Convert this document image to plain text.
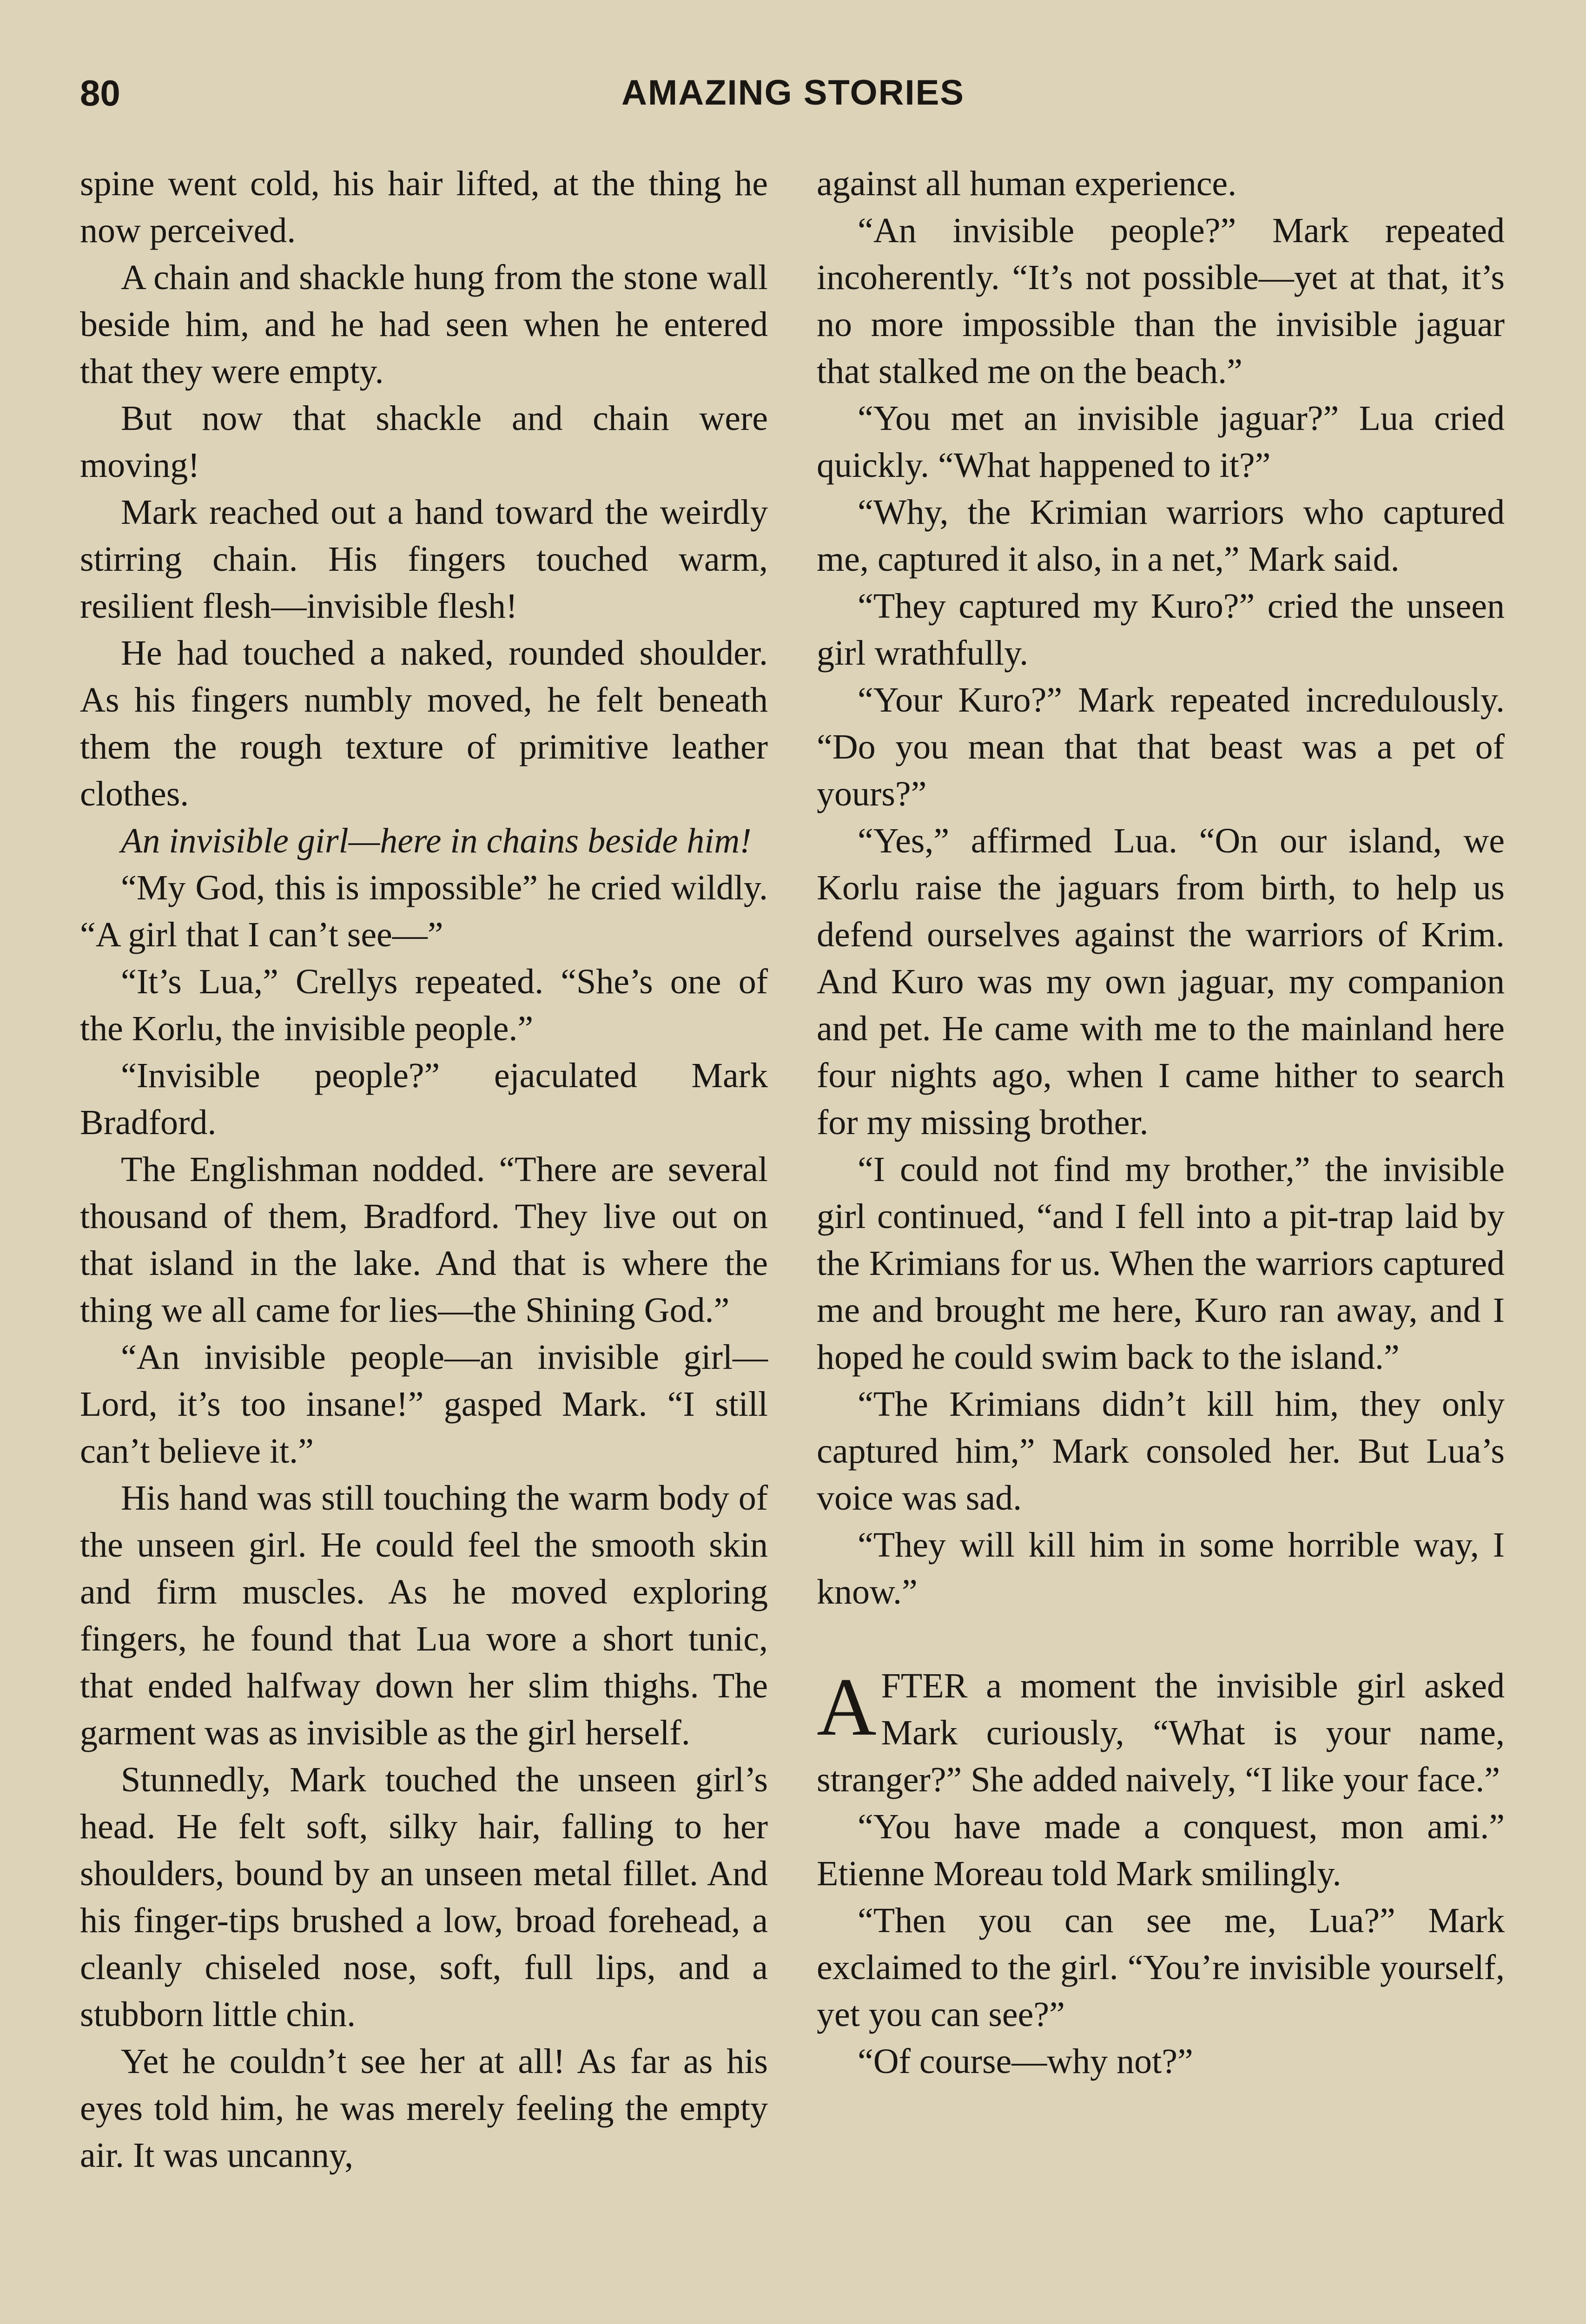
80	AMAZING STORIES

spine went cold, his hair lifted, at the thing he now perceived.

A chain and shackle hung from the stone wall beside him, and he had seen when he entered that they were empty.

But now that shackle and chain were moving!

Mark reached out a hand toward the weirdly stirring chain. His fingers touched warm, resilient flesh—invisible flesh!

He had touched a naked, rounded shoulder. As his fingers numbly moved, he felt beneath them the rough texture of primitive leather clothes.

An invisible girl—here in chains beside him!

“My God, this is impossible” he cried wildly. “A girl that I can’t see—”

“It’s Lua,” Crellys repeated. “She’s one of the Korlu, the invisible people.”

“Invisible people?” ejaculated Mark Bradford.

The Englishman nodded. “There are several thousand of them, Bradford. They live out on that island in the lake. And that is where the thing we all came for lies—the Shining God.”

“An invisible people—an invisible girl—Lord, it’s too insane!” gasped Mark. “I still can’t believe it.”

His hand was still touching the warm body of the unseen girl. He could feel the smooth skin and firm muscles. As he moved exploring fingers, he found that Lua wore a short tunic, that ended halfway down her slim thighs. The garment was as invisible as the girl herself.

Stunnedly, Mark touched the unseen girl’s head. He felt soft, silky hair, falling to her shoulders, bound by an unseen metal fillet. And his finger-tips brushed a low, broad forehead, a cleanly chiseled nose, soft, full lips, and a stubborn little chin.

Yet he couldn’t see her at all! As far as his eyes told him, he was merely feeling the empty air. It was uncanny,

against all human experience.

“An invisible people?” Mark repeated incoherently. “It’s not possible—yet at that, it’s no more impossible than the invisible jaguar that stalked me on the beach.”

“You met an invisible jaguar?” Lua cried quickly. “What happened to it?”

“Why, the Krimian warriors who captured me, captured it also, in a net,” Mark said.

“They captured my Kuro?” cried the unseen girl wrathfully.

“Your Kuro?” Mark repeated incredulously. “Do you mean that that beast was a pet of yours?”

“Yes,” affirmed Lua. “On our island, we Korlu raise the jaguars from birth, to help us defend ourselves against the warriors of Krim. And Kuro was my own jaguar, my companion and pet. He came with me to the mainland here four nights ago, when I came hither to search for my missing brother.

“I could not find my brother,” the invisible girl continued, “and I fell into a pit-trap laid by the Krimians for us. When the warriors captured me and brought me here, Kuro ran away, and I hoped he could swim back to the island.”

“The Krimians didn’t kill him, they only captured him,” Mark consoled her. But Lua’s voice was sad.

“They will kill him in some horrible way, I know.”

AFTER a moment the invisible girl asked Mark curiously, “What is your name, stranger?” She added naively, “I like your face.”

“You have made a conquest, mon ami.” Etienne Moreau told Mark smilingly.

“Then you can see me, Lua?” Mark exclaimed to the girl. “You’re invisible yourself, yet you can see?”

“Of course—why not?”
